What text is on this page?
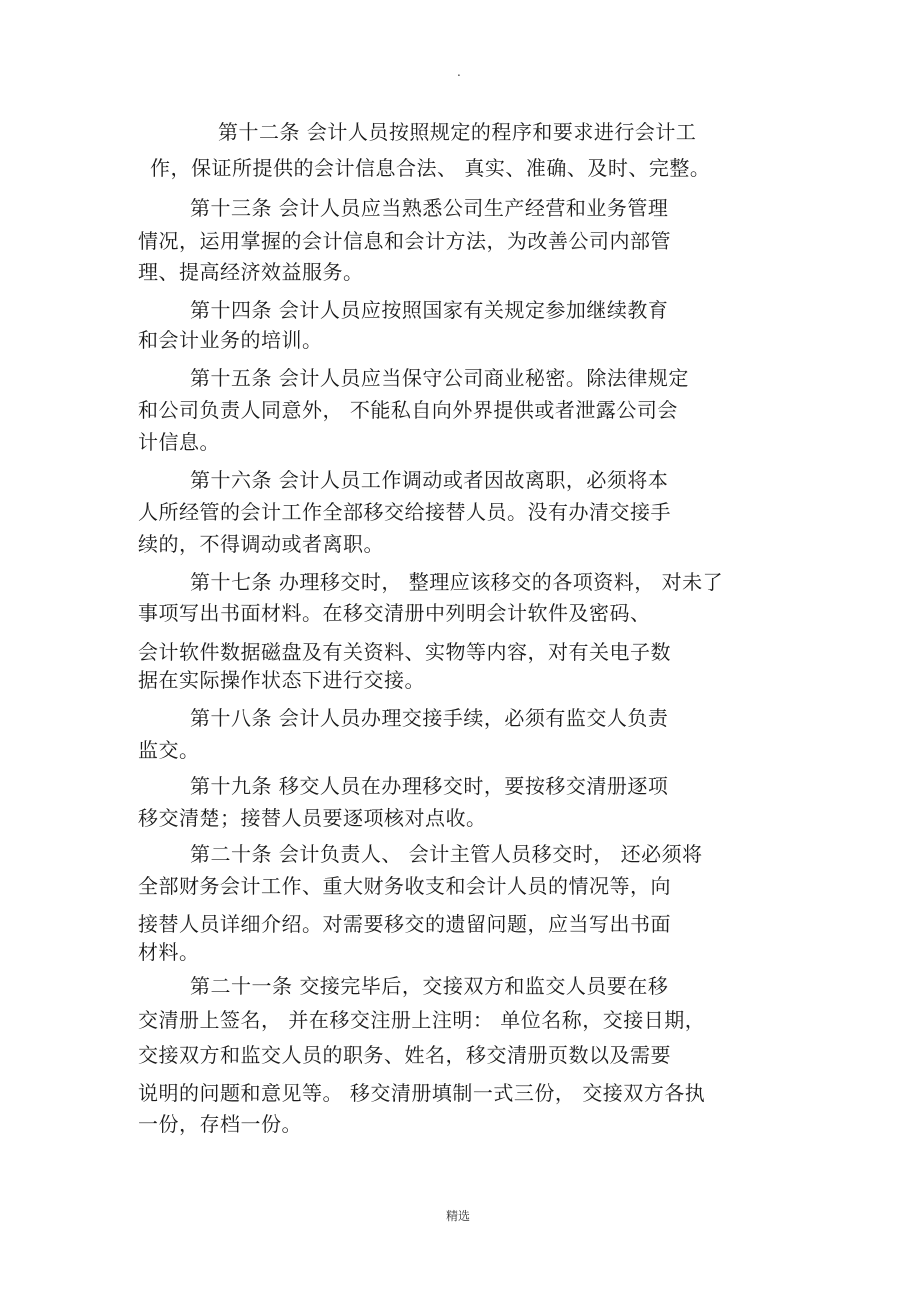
.
第十二条 会计人员按照规定的程序和要求进行会计工
作，保证所提供的会计信息合法、 真实、准确、及时、完整。
第十三条 会计人员应当熟悉公司生产经营和业务管理
情况，运用掌握的会计信息和会计方法，为改善公司内部管
理、提高经济效益服务。
第十四条 会计人员应按照国家有关规定参加继续教育
和会计业务的培训。
第十五条 会计人员应当保守公司商业秘密。除法律规定
和公司负责人同意外， 不能私自向外界提供或者泄露公司会
计信息。
第十六条 会计人员工作调动或者因故离职，必须将本
人所经管的会计工作全部移交给接替人员。没有办清交接手
续的，不得调动或者离职。
第十七条 办理移交时， 整理应该移交的各项资料， 对未了
事项写出书面材料。在移交清册中列明会计软件及密码、
会计软件数据磁盘及有关资料、实物等内容，对有关电子数
据在实际操作状态下进行交接。
第十八条 会计人员办理交接手续，必须有监交人负责
监交。
第十九条 移交人员在办理移交时，要按移交清册逐项
移交清楚；接替人员要逐项核对点收。
第二十条 会计负责人、 会计主管人员移交时， 还必须将
全部财务会计工作、重大财务收支和会计人员的情况等，向
接替人员详细介绍。对需要移交的遗留问题，应当写出书面
材料。
第二十一条 交接完毕后，交接双方和监交人员要在移
交清册上签名， 并在移交注册上注明： 单位名称，交接日期，
交接双方和监交人员的职务、姓名，移交清册页数以及需要
说明的问题和意见等。 移交清册填制一式三份， 交接双方各执
一份，存档一份。
精选
